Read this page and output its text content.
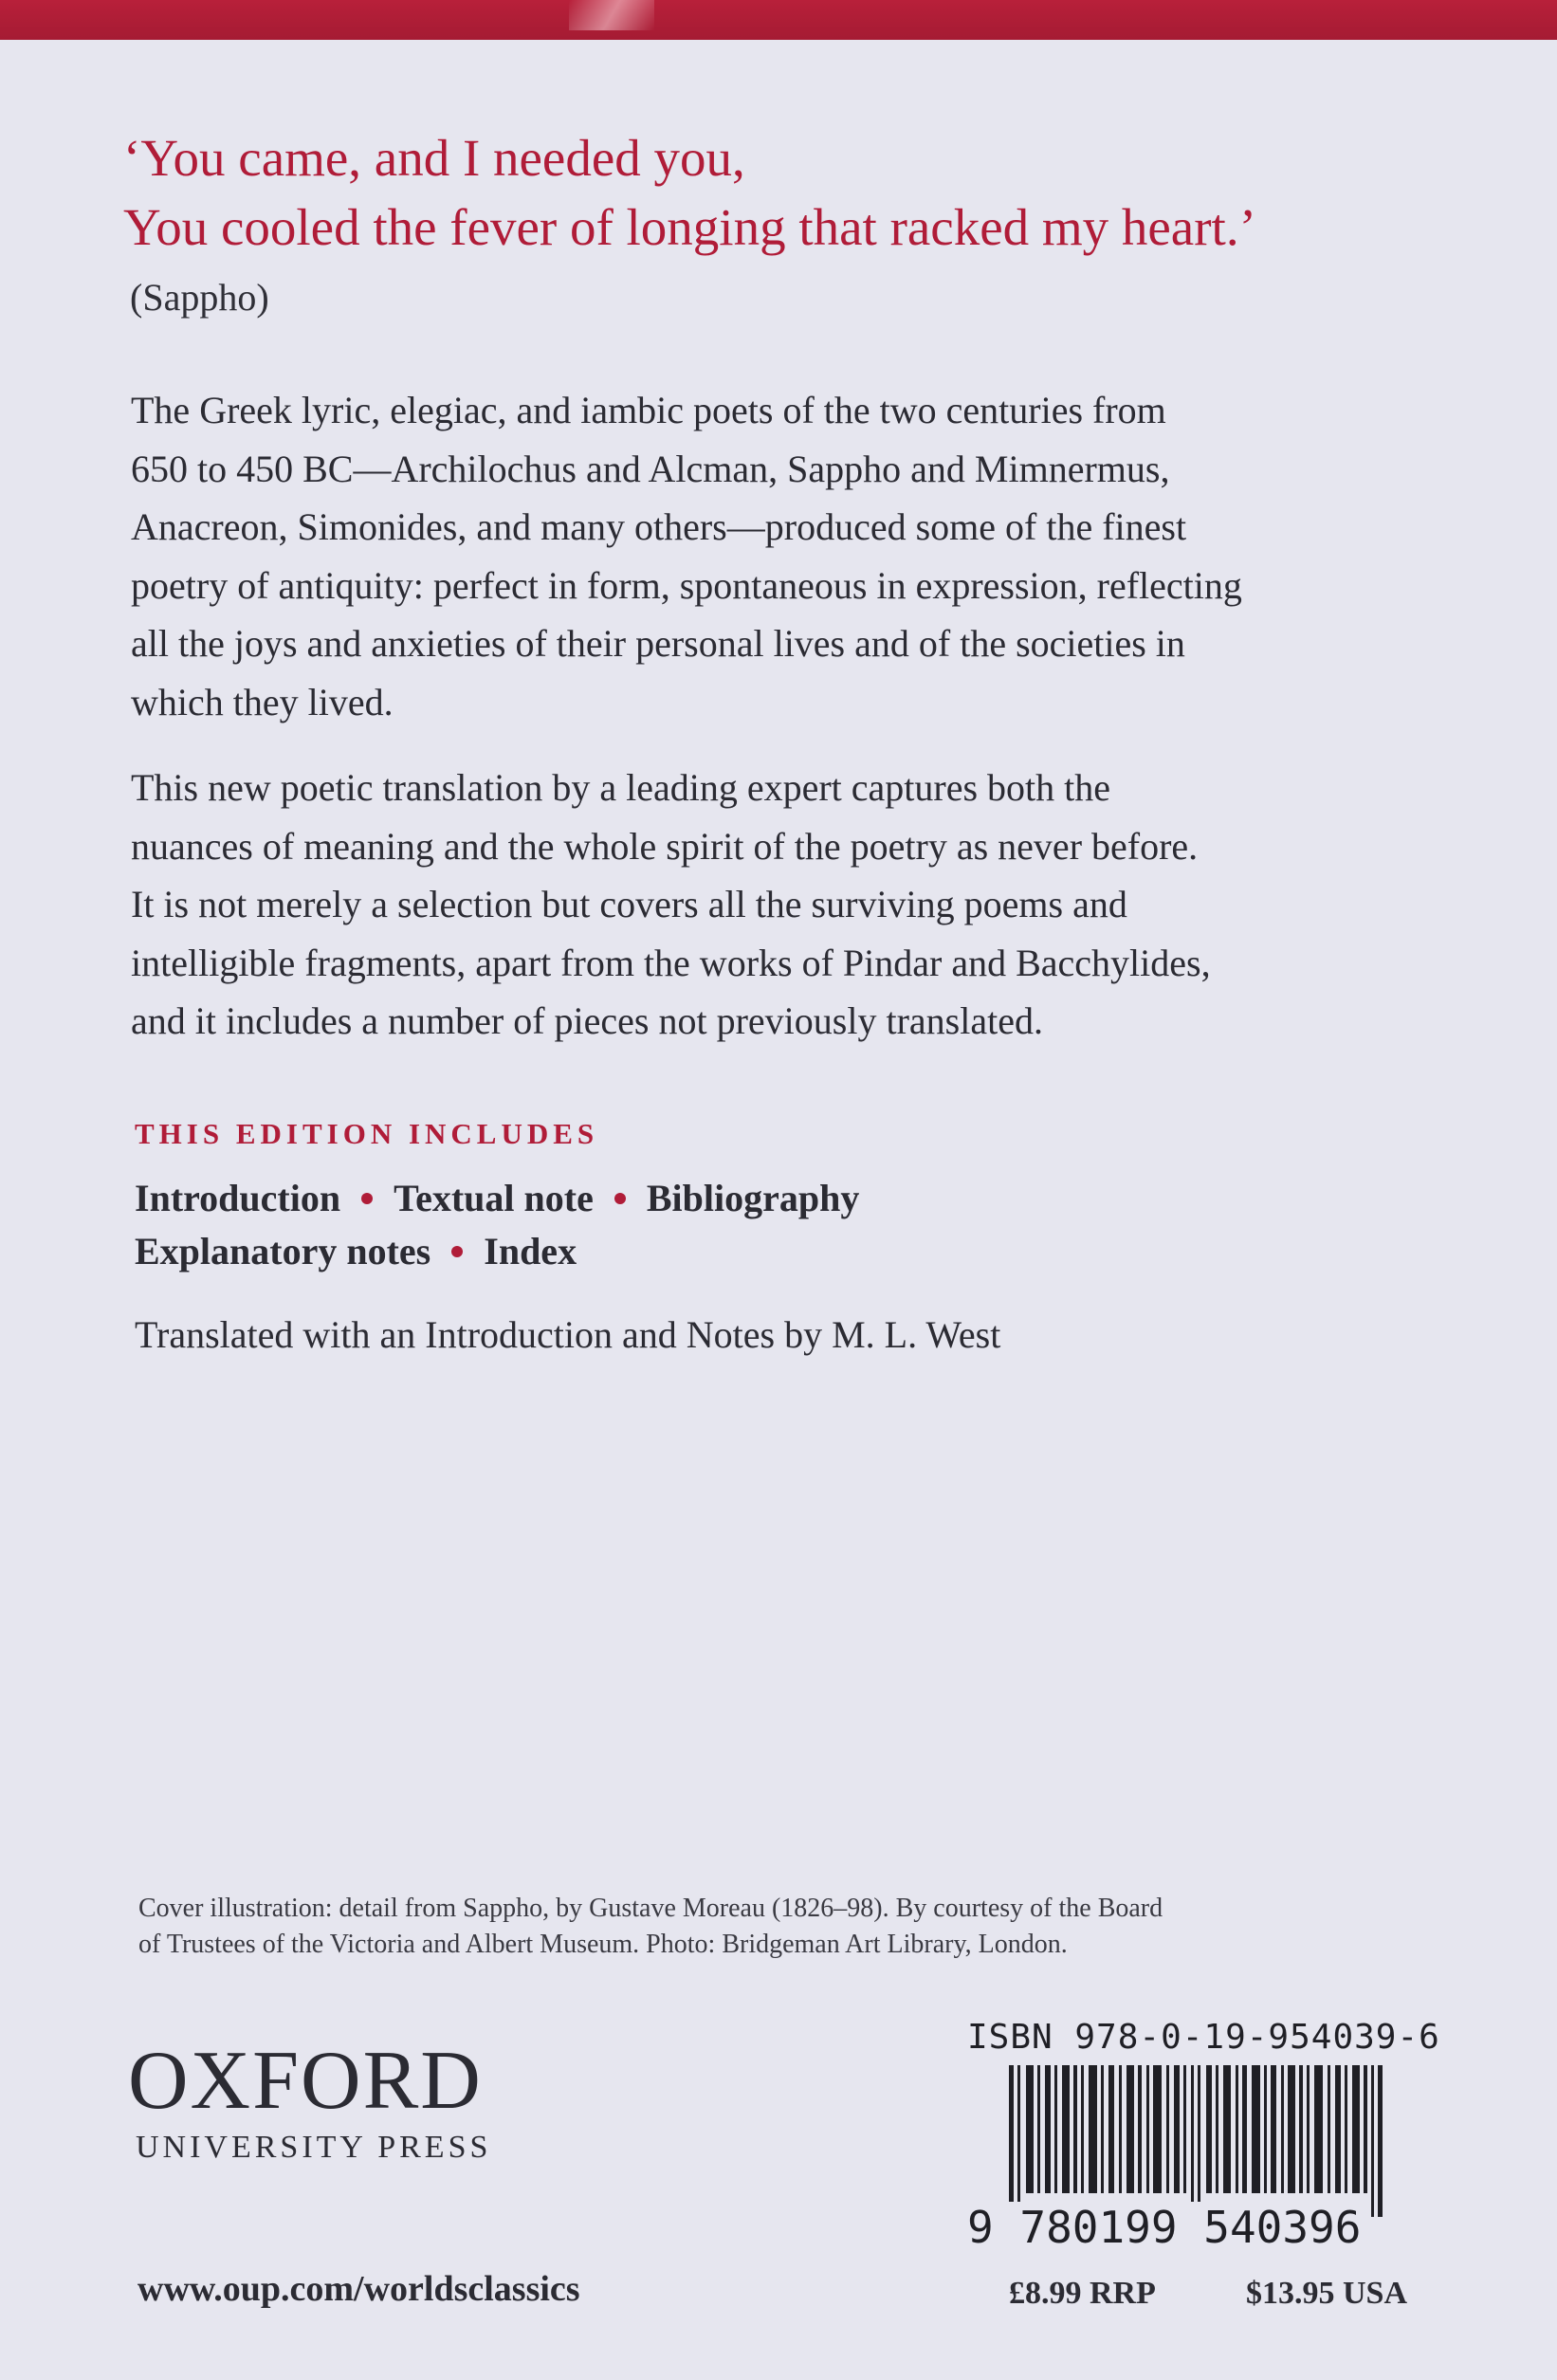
‘You came, and I needed you,
You cooled the fever of longing that racked my heart.’
(Sappho)
The Greek lyric, elegiac, and iambic poets of the two centuries from
650 to 450 BC—Archilochus and Alcman, Sappho and Mimnermus,
Anacreon, Simonides, and many others—produced some of the finest
poetry of antiquity: perfect in form, spontaneous in expression, reflecting
all the joys and anxieties of their personal lives and of the societies in
which they lived.
This new poetic translation by a leading expert captures both the
nuances of meaning and the whole spirit of the poetry as never before.
It is not merely a selection but covers all the surviving poems and
intelligible fragments, apart from the works of Pindar and Bacchylides,
and it includes a number of pieces not previously translated.
THIS EDITION INCLUDES
Introduction Textual note Bibliography
Explanatory notes Index
Translated with an Introduction and Notes by M. L. West
Cover illustration: detail from Sappho, by Gustave Moreau (1826–98). By courtesy of the Board
of Trustees of the Victoria and Albert Museum. Photo: Bridgeman Art Library, London.
OXFORD
UNIVERSITY PRESS
www.oup.com/worldsclassics
ISBN 978-0-19-954039-6
9 780199 540396
£8.99 RRP	$13.95 USA
